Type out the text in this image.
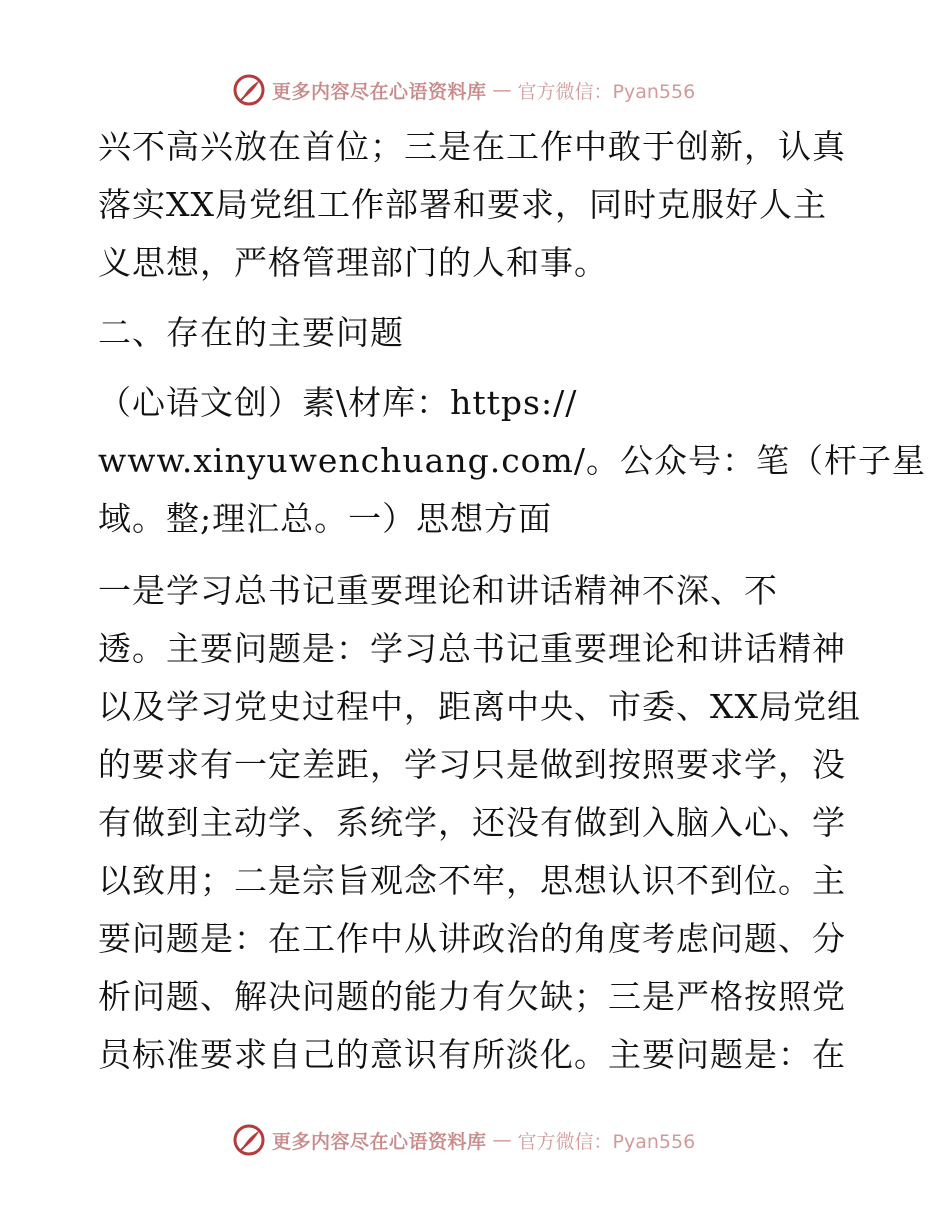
更多内容尽在心语资料库 — 官方微信：Pyan556
兴不高兴放在首位；三是在工作中敢于创新，认真
落实XX局党组工作部署和要求，同时克服好人主
义思想，严格管理部门的人和事。
二、存在的主要问题
（心语文创）素\材库：https://
www.xinyuwenchuang.com/。公众号：笔（杆子星
域。整;理汇总。一）思想方面
一是学习总书记重要理论和讲话精神不深、不
透。主要问题是：学习总书记重要理论和讲话精神
以及学习党史过程中，距离中央、市委、XX局党组
的要求有一定差距，学习只是做到按照要求学，没
有做到主动学、系统学，还没有做到入脑入心、学
以致用；二是宗旨观念不牢，思想认识不到位。主
要问题是：在工作中从讲政治的角度考虑问题、分
析问题、解决问题的能力有欠缺；三是严格按照党
员标准要求自己的意识有所淡化。主要问题是：在
更多内容尽在心语资料库 — 官方微信：Pyan556
